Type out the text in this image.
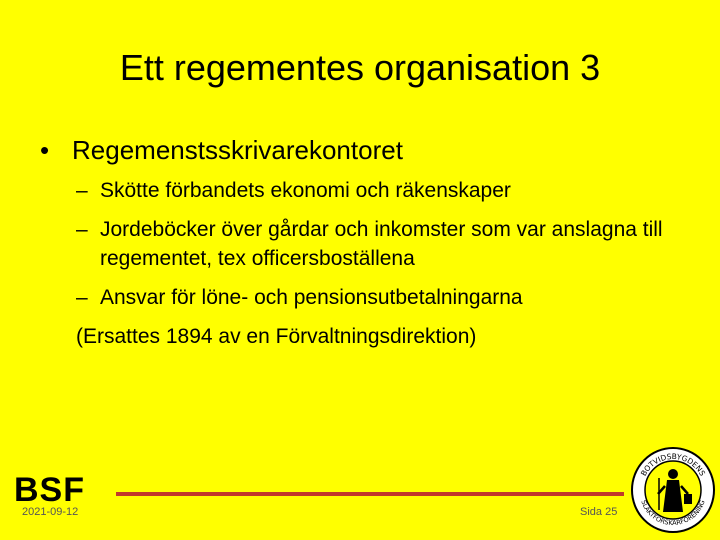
Ett regementes organisation 3
• Regemenstsskrivarekontoret
– Skötte förbandets ekonomi och räkenskaper
– Jordeböcker över gårdar och inkomster som var anslagna till regementet, tex officersboställena
– Ansvar för löne- och pensionsutbetalningarna
(Ersattes 1894 av en Förvaltningsdirektion)
BSF
2021-09-12	Sida 25
BOTVIDSBYGDENS
SLÄKTFORSKARFÖRENING
